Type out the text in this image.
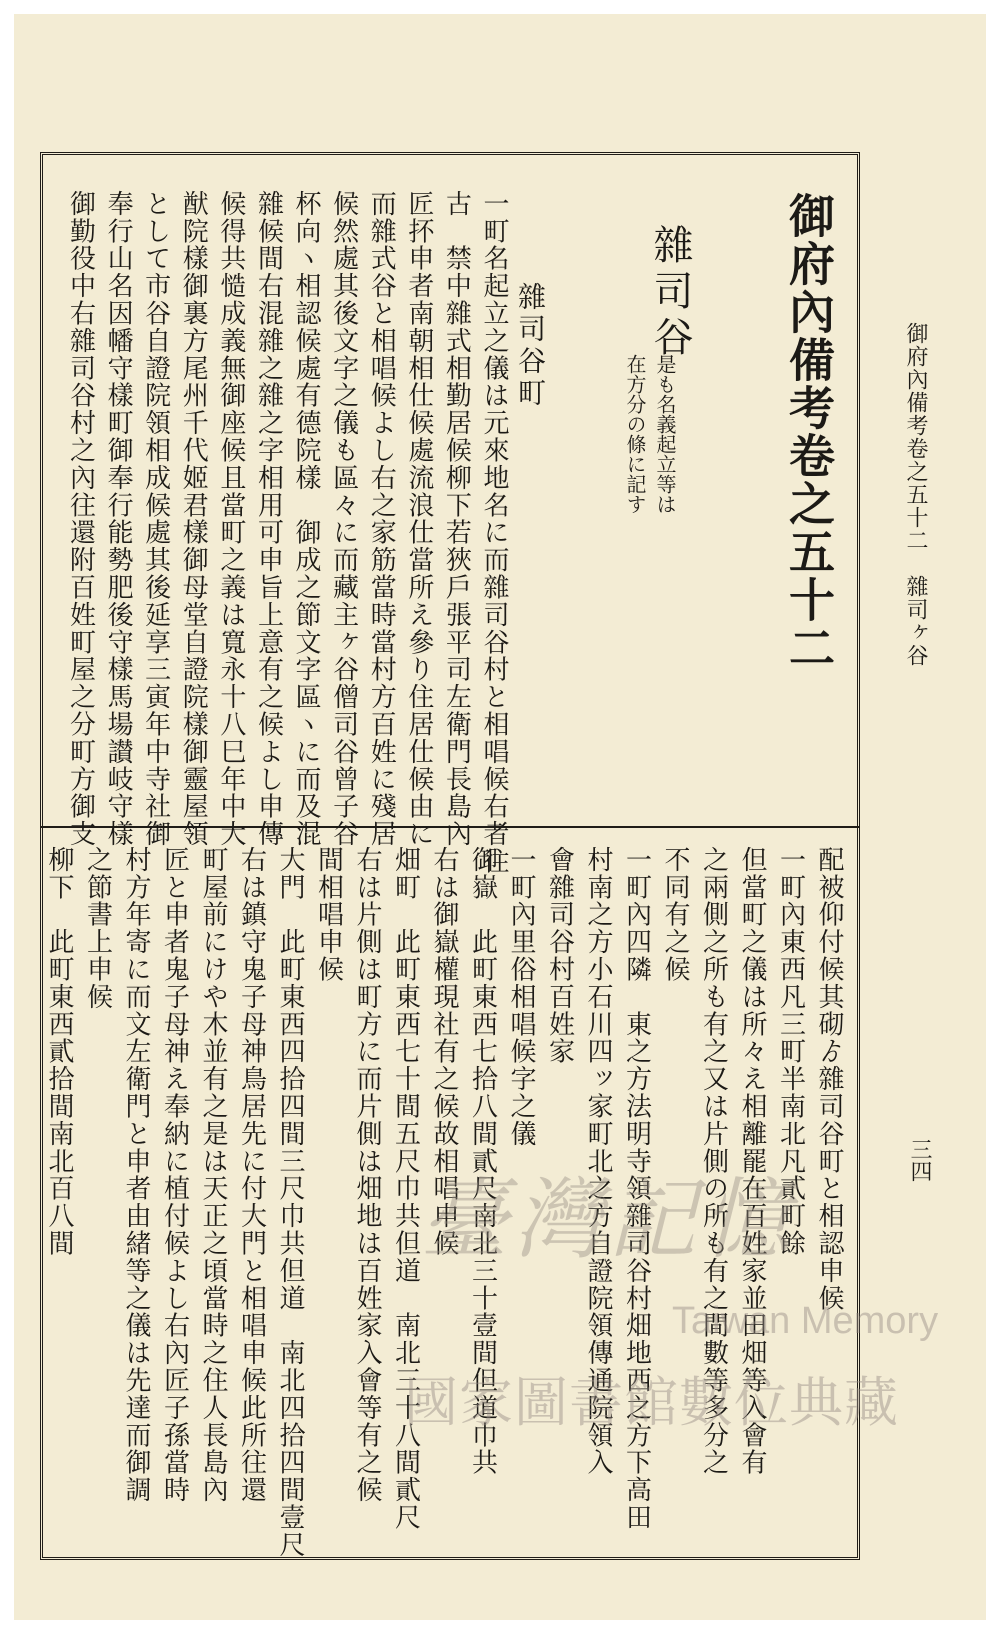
御府內備考卷之五十二　雜司ヶ谷
三四
御府內備考卷之五十二
雜司谷
是も名義起立等は
在方分の條に記す
雜司谷町
一町名起立之儀は元來地名に而雜司谷村と相唱候右者往
古　禁中雜式相勤居候柳下若狹戶張平司左衛門長島內
匠抔申者南朝相仕候處流浪仕當所え參り住居仕候由に
而雜式谷と相唱候よし右之家筋當時當村方百姓に殘居
候然處其後文字之儀も區々に而藏主ヶ谷僧司谷曾子谷
杯向ヽ相認候處有德院樣　御成之節文字區ヽに而及混
雜候間右混雜之雜之字相用可申旨上意有之候よし申傳
候得共慥成義無御座候且當町之義は寬永十八巳年中大
猷院樣御裏方尾州千代姬君樣御母堂自證院樣御靈屋領
として市谷自證院領相成候處其後延享三寅年中寺社御
奉行山名因幡守樣町御奉行能勢肥後守樣馬場讃岐守樣
御勤役中右雜司谷村之內往還附百姓町屋之分町方御支
配被仰付候其砌ゟ雜司谷町と相認申候
一町內東西凡三町半南北凡貳町餘
但當町之儀は所々え相離罷在百姓家並田畑等入會有
之兩側之所も有之又は片側の所も有之間數等多分之
不同有之候
一町內四隣　東之方法明寺領雜司谷村畑地西之方下高田
村南之方小石川四ッ家町北之方自證院領傳通院領入
會雜司谷村百姓家
一町內里俗相唱候字之儀
御嶽　此町東西七拾八間貳尺南北三十壹間但道巾共
右は御嶽權現社有之候故相唱申候
畑町　此町東西七十間五尺巾共但道　南北三十八間貳尺
右は片側は町方に而片側は畑地は百姓家入會等有之候
間相唱申候
大門　此町東西四拾四間三尺巾共但道　南北四拾四間壹尺
右は鎮守鬼子母神鳥居先に付大門と相唱申候此所往還
町屋前にけや木並有之是は天正之頃當時之住人長島內
匠と申者鬼子母神え奉納に植付候よし右內匠子孫當時
村方年寄に而文左衛門と申者由緒等之儀は先達而御調
之節書上申候
柳下　此町東西貳拾間南北百八間	臺灣記憶
Taiwan Memory
國家圖書館數位典藏
